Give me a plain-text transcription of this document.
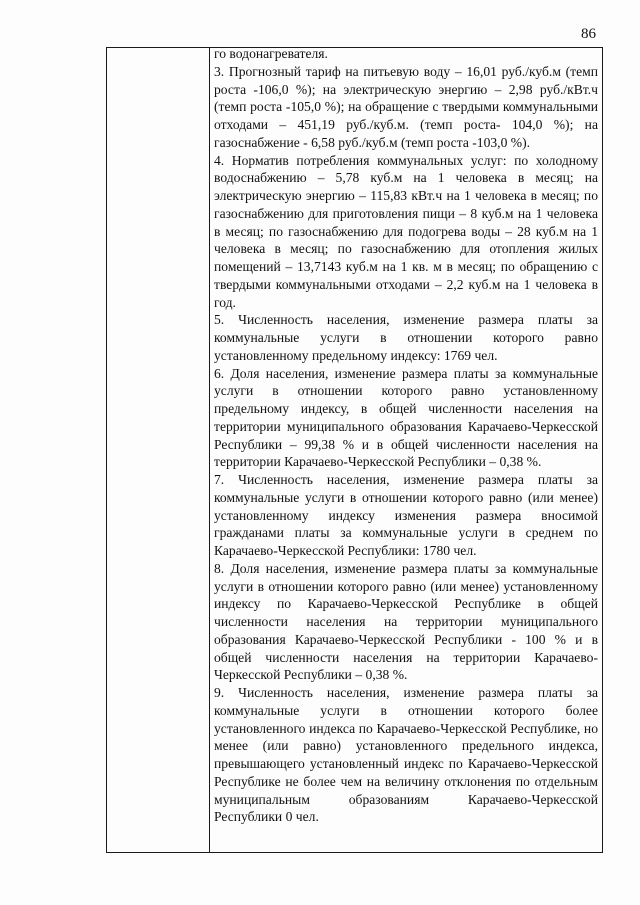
86

го водонагревателя.

3. Прогнозный тариф на питьевую воду – 16,01 руб./куб.м (темп роста -106,0 %); на электрическую энергию – 2,98 руб./кВт.ч (темп роста -105,0 %); на обращение с твердыми коммунальными отходами – 451,19 руб./куб.м. (темп роста- 104,0 %); на газоснабжение - 6,58 руб./куб.м (темп роста -103,0 %).

4. Норматив потребления коммунальных услуг: по холодному водоснабжению – 5,78 куб.м на 1 человека в месяц; на электрическую энергию – 115,83 кВт.ч на 1 человека в месяц; по газоснабжению для приготовления пищи – 8 куб.м на 1 человека в месяц; по газоснабжению для подогрева воды – 28 куб.м на 1 человека в месяц; по газоснабжению для отопления жилых помещений – 13,7143 куб.м на 1 кв. м в месяц; по обращению с твердыми коммунальными отходами – 2,2 куб.м на 1 человека в год.

5. Численность населения, изменение размера платы за коммунальные услуги в отношении которого равно установленному предельному индексу: 1769 чел.

6. Доля населения, изменение размера платы за коммунальные услуги в отношении которого равно установленному предельному индексу, в общей численности населения на территории муниципального образования Карачаево-Черкесской Республики – 99,38 % и в общей численности населения на территории Карачаево-Черкесской Республики – 0,38 %.

7. Численность населения, изменение размера платы за коммунальные услуги в отношении которого равно (или менее) установленному индексу изменения размера вносимой гражданами платы за коммунальные услуги в среднем по Карачаево-Черкесской Республики: 1780 чел.

8. Доля населения, изменение размера платы за коммунальные услуги в отношении которого равно (или менее) установленному индексу по Карачаево-Черкесской Республике в общей численности населения на территории муниципального образования Карачаево-Черкесской Республики - 100 % и в общей численности населения на территории Карачаево-Черкесской Республики – 0,38 %.

9. Численность населения, изменение размера платы за коммунальные услуги в отношении которого более установленного индекса по Карачаево-Черкесской Республике, но менее (или равно) установленного предельного индекса, превышающего установленный индекс по Карачаево-Черкесской Республике не более чем на величину отклонения по отдельным муниципальным образованиям Карачаево-Черкесской Республики 0 чел.
